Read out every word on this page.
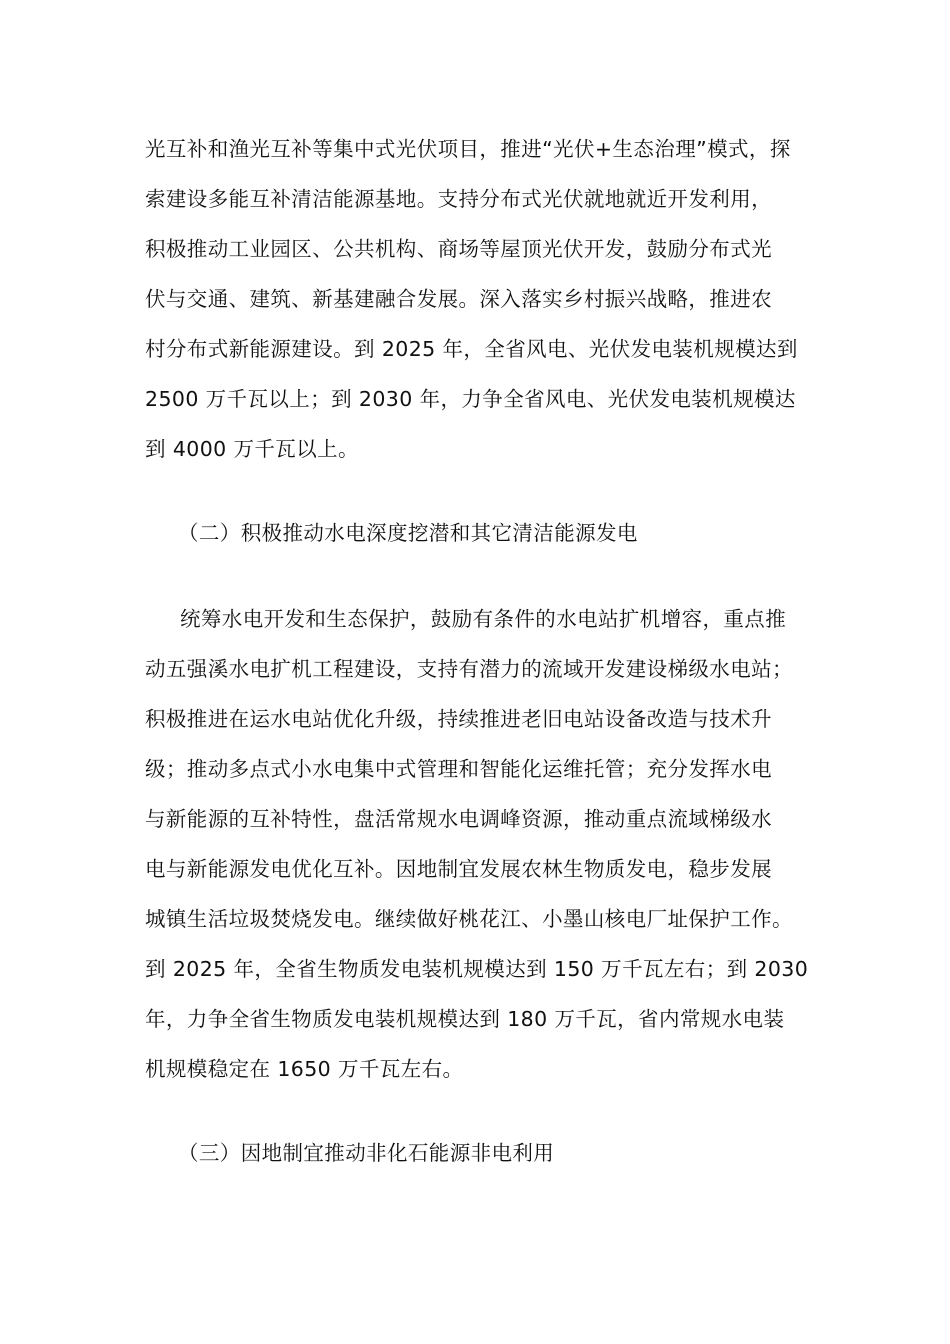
光互补和渔光互补等集中式光伏项目，推进“光伏+生态治理”模式，探
索建设多能互补清洁能源基地。支持分布式光伏就地就近开发利用，
积极推动工业园区、公共机构、商场等屋顶光伏开发，鼓励分布式光
伏与交通、建筑、新基建融合发展。深入落实乡村振兴战略，推进农
村分布式新能源建设。到 2025 年，全省风电、光伏发电装机规模达到
2500 万千瓦以上；到 2030 年，力争全省风电、光伏发电装机规模达
到 4000 万千瓦以上。
（二）积极推动水电深度挖潜和其它清洁能源发电
统筹水电开发和生态保护，鼓励有条件的水电站扩机增容，重点推
动五强溪水电扩机工程建设，支持有潜力的流域开发建设梯级水电站；
积极推进在运水电站优化升级，持续推进老旧电站设备改造与技术升
级；推动多点式小水电集中式管理和智能化运维托管；充分发挥水电
与新能源的互补特性，盘活常规水电调峰资源，推动重点流域梯级水
电与新能源发电优化互补。因地制宜发展农林生物质发电，稳步发展
城镇生活垃圾焚烧发电。继续做好桃花江、小墨山核电厂址保护工作。
到 2025 年，全省生物质发电装机规模达到 150 万千瓦左右；到 2030
年，力争全省生物质发电装机规模达到 180 万千瓦，省内常规水电装
机规模稳定在 1650 万千瓦左右。
（三）因地制宜推动非化石能源非电利用
